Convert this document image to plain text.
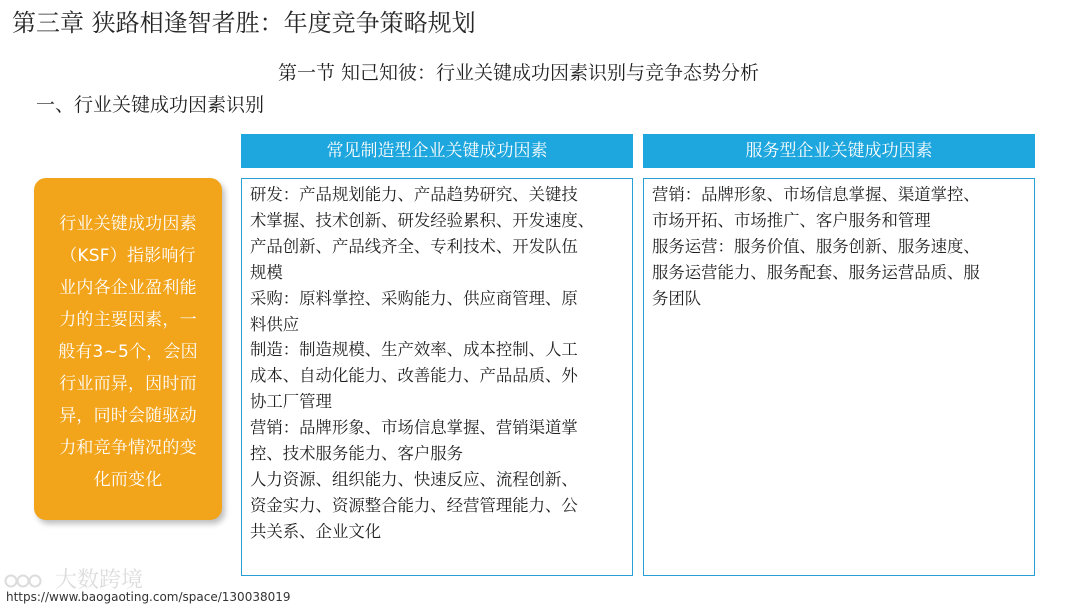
第三章 狭路相逢智者胜：年度竞争策略规划
第一节 知己知彼：行业关键成功因素识别与竞争态势分析
一、行业关键成功因素识别
行业关键成功因素
（KSF）指影响行
业内各企业盈利能
力的主要因素，一
般有3~5个，会因
行业而异，因时而
异，同时会随驱动
力和竞争情况的变
化而变化
常见制造型企业关键成功因素	服务型企业关键成功因素
研发：产品规划能力、产品趋势研究、关键技
术掌握、技术创新、研发经验累积、开发速度、
产品创新、产品线齐全、专利技术、开发队伍
规模
采购：原料掌控、采购能力、供应商管理、原
料供应
制造：制造规模、生产效率、成本控制、人工
成本、自动化能力、改善能力、产品品质、外
协工厂管理
营销：品牌形象、市场信息掌握、营销渠道掌
控、技术服务能力、客户服务
人力资源、组织能力、快速反应、流程创新、
资金实力、资源整合能力、经营管理能力、公
共关系、企业文化
营销：品牌形象、市场信息掌握、渠道掌控、
市场开拓、市场推广、客户服务和管理
服务运营：服务价值、服务创新、服务速度、
服务运营能力、服务配套、服务运营品质、服
务团队
大数跨境
https://www.baogaoting.com/space/130038019
